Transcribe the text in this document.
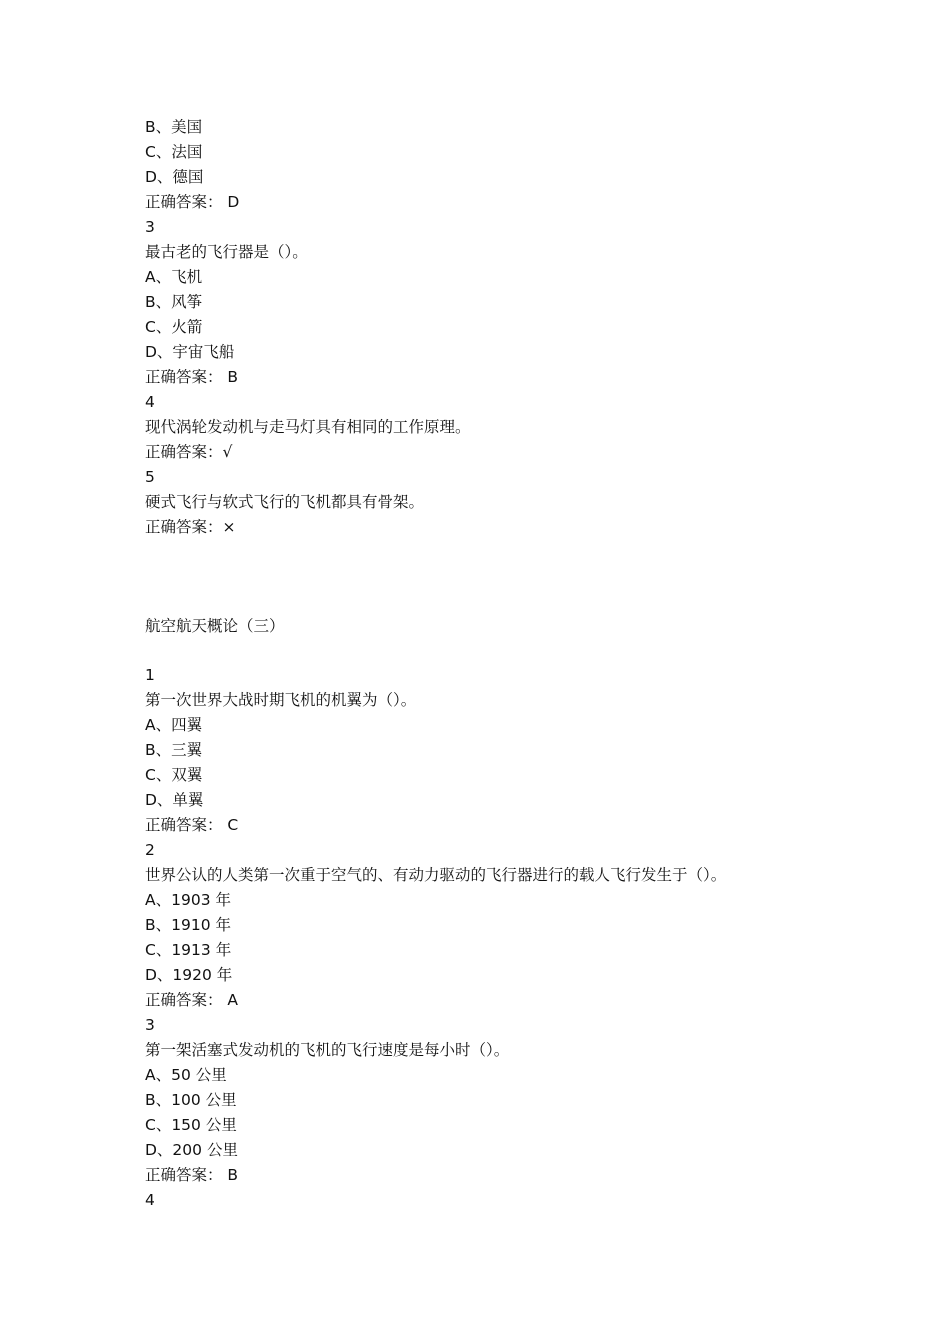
B、美国
C、法国
D、德国
正确答案： D
3
最古老的飞行器是（）。
A、飞机
B、风筝
C、火箭
D、宇宙飞船
正确答案： B
4
现代涡轮发动机与走马灯具有相同的工作原理。
正确答案：√
5
硬式飞行与软式飞行的飞机都具有骨架。
正确答案：×
航空航天概论（三）
1
第一次世界大战时期飞机的机翼为（）。
A、四翼
B、三翼
C、双翼
D、单翼
正确答案： C
2
世界公认的人类第一次重于空气的、有动力驱动的飞行器进行的载人飞行发生于（）。
A、1903 年
B、1910 年
C、1913 年
D、1920 年
正确答案： A
3
第一架活塞式发动机的飞机的飞行速度是每小时（）。
A、50 公里
B、100 公里
C、150 公里
D、200 公里
正确答案： B
4
